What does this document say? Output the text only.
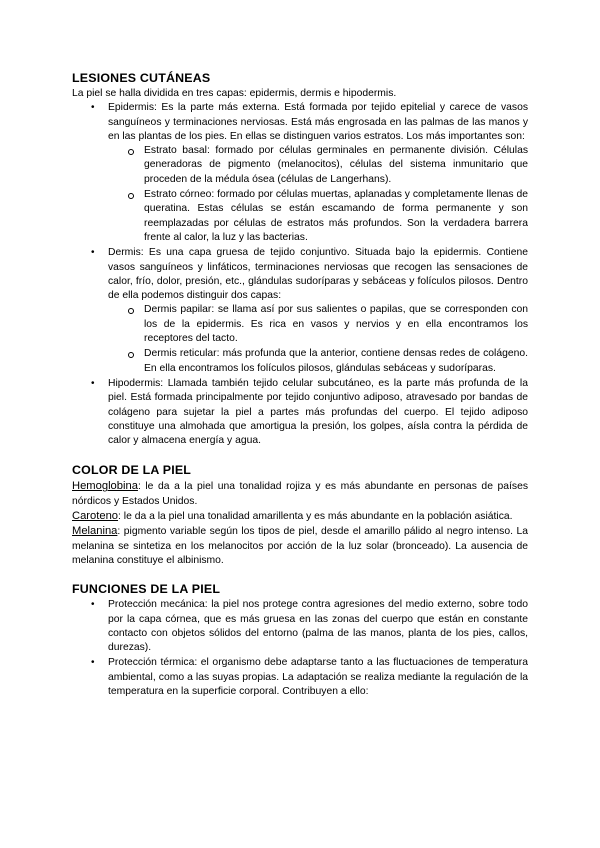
LESIONES CUTÁNEAS

La piel se halla dividida en tres capas: epidermis, dermis e hipodermis.

• Epidermis: Es la parte más externa. Está formada por tejido epitelial y carece de vasos sanguíneos y terminaciones nerviosas. Está más engrosada en las palmas de las manos y en las plantas de los pies. En ellas se distinguen varios estratos. Los más importantes son:
Estrato basal: formado por células germinales en permanente división. Células generadoras de pigmento (melanocitos), células del sistema inmunitario que proceden de la médula ósea (células de Langerhans).
Estrato córneo: formado por células muertas, aplanadas y completamente llenas de queratina. Estas células se están escamando de forma permanente y son reemplazadas por células de estratos más profundos. Son la verdadera barrera frente al calor, la luz y las bacterias.
• Dermis: Es una capa gruesa de tejido conjuntivo. Situada bajo la epidermis. Contiene vasos sanguíneos y linfáticos, terminaciones nerviosas que recogen las sensaciones de calor, frío, dolor, presión, etc., glándulas sudoríparas y sebáceas y folículos pilosos. Dentro de ella podemos distinguir dos capas:
Dermis papilar: se llama así por sus salientes o papilas, que se corresponden con los de la epidermis. Es rica en vasos y nervios y en ella encontramos los receptores del tacto.
Dermis reticular: más profunda que la anterior, contiene densas redes de colágeno. En ella encontramos los folículos pilosos, glándulas sebáceas y sudoríparas.
• Hipodermis: Llamada también tejido celular subcutáneo, es la parte más profunda de la piel. Está formada principalmente por tejido conjuntivo adiposo, atravesado por bandas de colágeno para sujetar la piel a partes más profundas del cuerpo. El tejido adiposo constituye una almohada que amortigua la presión, los golpes, aísla contra la pérdida de calor y almacena energía y agua.
COLOR DE LA PIEL

Hemoglobina: le da a la piel una tonalidad rojiza y es más abundante en personas de países nórdicos y Estados Unidos.

Caroteno: le da a la piel una tonalidad amarillenta y es más abundante en la población asiática.

Melanina: pigmento variable según los tipos de piel, desde el amarillo pálido al negro intenso. La melanina se sintetiza en los melanocitos por acción de la luz solar (bronceado). La ausencia de melanina constituye el albinismo.

FUNCIONES DE LA PIEL
• Protección mecánica: la piel nos protege contra agresiones del medio externo, sobre todo por la capa córnea, que es más gruesa en las zonas del cuerpo que están en constante contacto con objetos sólidos del entorno (palma de las manos, planta de los pies, callos, durezas).
• Protección térmica: el organismo debe adaptarse tanto a las fluctuaciones de temperatura ambiental, como a las suyas propias. La adaptación se realiza mediante la regulación de la temperatura en la superficie corporal. Contribuyen a ello:
